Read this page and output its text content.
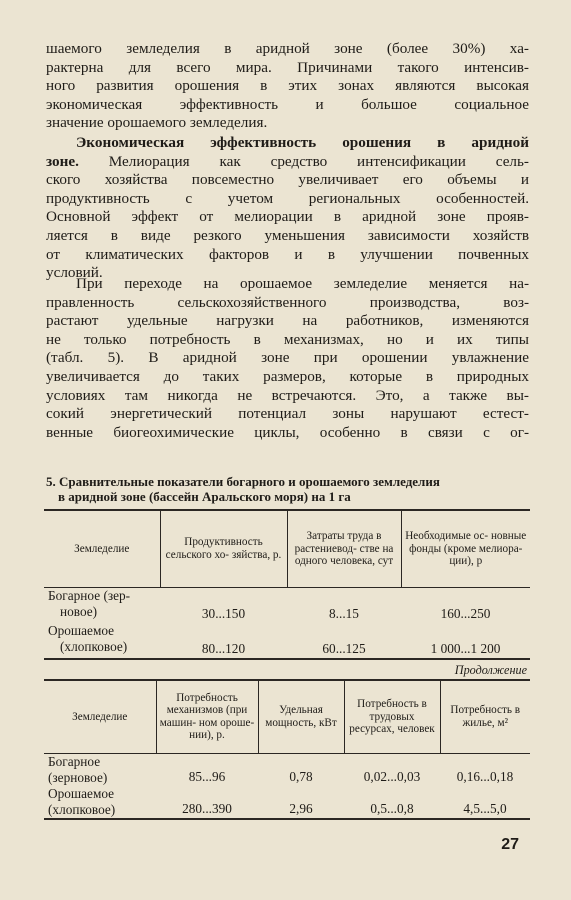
шаемого земледелия в аридной зоне (более 30%) ха-
рактерна для всего мира. Причинами такого интенсив-
ного развития орошения в этих зонах являются высокая
экономическая эффективность и большое социальное
значение орошаемого земледелия.
Экономическая эффективность орошения в аридной
зоне. Мелиорация как средство интенсификации сель-
ского хозяйства повсеместно увеличивает его объемы и
продуктивность с учетом региональных особенностей.
Основной эффект от мелиорации в аридной зоне прояв-
ляется в виде резкого уменьшения зависимости хозяйств
от климатических факторов и в улучшении почвенных
условий.
При переходе на орошаемое земледелие меняется на-
правленность сельскохозяйственного производства, воз-
растают удельные нагрузки на работников, изменяются
не только потребность в механизмах, но и их типы
(табл. 5). В аридной зоне при орошении увлажнение
увеличивается до таких размеров, которые в природных
условиях там никогда не встречаются. Это, а также вы-
сокий энергетический потенциал зоны нарушают естест-
венные биогеохимические циклы, особенно в связи с ог-
5. Сравнительные показатели богарного и орошаемого земледелия
в аридной зоне (бассейн Аральского моря) на 1 га
Земледелие	Продуктивность сельского хо- зяйства, р.	Затраты труда в растениевод- стве на одного человека, сут	Необходимые ос- новные фонды (кроме мелиора- ции), р
Богарное (зер-
новое)	30...150	8...15	160...250
Орошаемое
(хлопковое)	80...120	60...125	1 000...1 200
Продолжение
Земледелие	Потребность механизмов (при машин- ном ороше- нии), р.	Удельная мощность, кВт	Потребность в трудовых ресурсах, человек	Потребность в жилье, м²
Богарное
(зерновое)	85...96	0,78	0,02...0,03	0,16...0,18
Орошаемое
(хлопковое)	280...390	2,96	0,5...0,8	4,5...5,0
27
